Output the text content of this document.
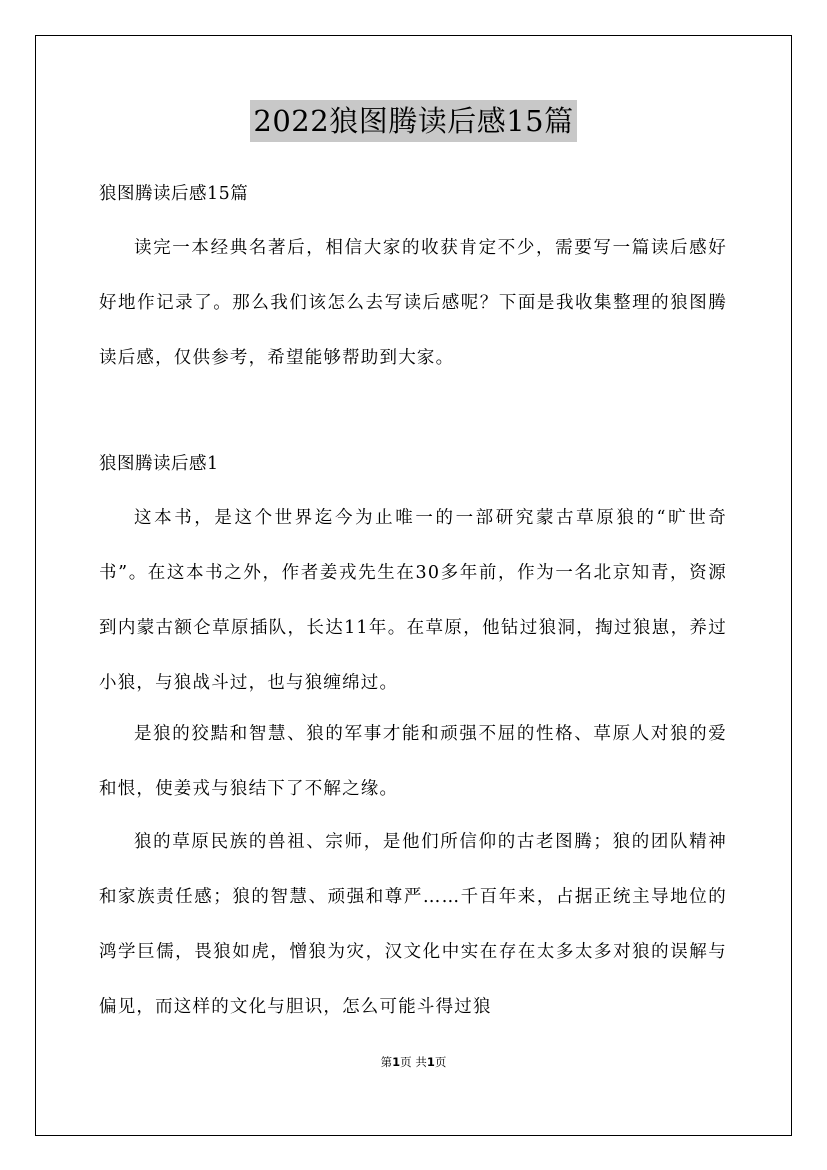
2022狼图腾读后感15篇
狼图腾读后感15篇
读完一本经典名著后，相信大家的收获肯定不少，需要写一篇读后感好好地作记录了。那么我们该怎么去写读后感呢？下面是我收集整理的狼图腾读后感，仅供参考，希望能够帮助到大家。
狼图腾读后感1
这本书，是这个世界迄今为止唯一的一部研究蒙古草原狼的“旷世奇书”。在这本书之外，作者姜戎先生在30多年前，作为一名北京知青，资源到内蒙古额仑草原插队，长达11年。在草原，他钻过狼洞，掏过狼崽，养过小狼，与狼战斗过，也与狼缠绵过。
是狼的狡黠和智慧、狼的军事才能和顽强不屈的性格、草原人对狼的爱和恨，使姜戎与狼结下了不解之缘。
狼的草原民族的兽祖、宗师，是他们所信仰的古老图腾；狼的团队精神和家族责任感；狼的智慧、顽强和尊严……千百年来，占据正统主导地位的鸿学巨儒，畏狼如虎，憎狼为灾，汉文化中实在存在太多太多对狼的误解与偏见，而这样的文化与胆识，怎么可能斗得过狼
第1页 共1页
